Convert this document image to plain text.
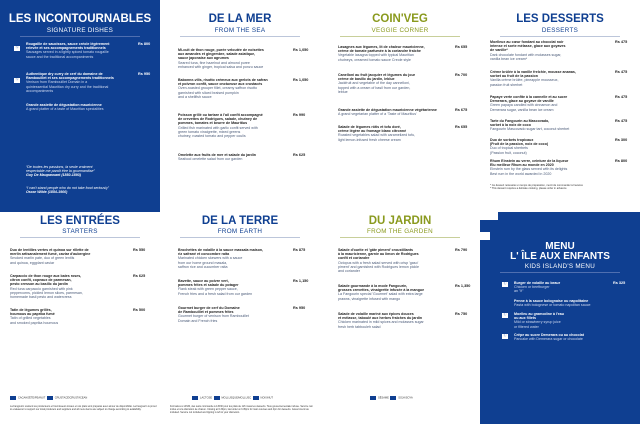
LES INCONTOURNABLES
SIGNATURE DISHES
Rougaille de saucisses, sauce créole légèrement
relevée et ses accompagnements traditionnels
Sausages served in a lightly spiced tomato rougaille
sauce and the traditional accompaniments
Rs 800
Ⓢ
Authentique dry curry de cerf du domaine de
Rambouillet et ses accompagnements traditionnels
Venison from Rambouillet Domain in a
quintessential Mauritian dry curry and the traditional
accompaniments
Rs 950
Ⓢ
Grande assiette de dégustation mauricienne
A grand platter of a taste of Mauritian specialities
“De toutes les passions, la seule vraiment
respectable me paraît être la gourmandise”
Guy De Maupassant (1850-1893)
“I can't stand people who do not take food seriously”
Oscar Wilde (1854-1900)
DE LA MER
FROM THE SEA
Mi-cuit de thon rouge, purée veloutée de noisettes
aux amandes et gingembre, salade asiatique,
sauce japonaise aux agrumes
Seared tuna, fine hazelnut and almond puree
enhanced with ginger, tropical salsa and ponzu sauce
Rs 1,050
Babonne-vilis, risotto crémeux aux grelots de safran
et poivron confit, sauce onctueuse aux crustacés
Oven-roasted grouper fillet, creamy saffron risotto
garnished with sliced braised pumpkin
and a shellfish sauce
Rs 1,050
Poisson grillé ou tartare à l'ail confit accompagné
de crevettes de Rodrigues, salade, chutney de
pommes, tomates et beurre de Mauritius
Grilled fish marinated with garlic confit served with
green tomato vinaigrette, mixed greens
chutney, roasted tomato and pepper coulis
Rs 990
Omelette aux fruits de mer et salade du jardin
Seafood omelette salad from our garden
Rs 625
COIN'VEG
VEGGIE CORNER
Lasagnes aux légumes, lit de chaleur mauricienne,
crème de tomate parfumée à la coriandre fraîche
Vegetable lasagna topped with typical Mauritian
chutneys, creamed tomato sauce Creole style
Rs 655
Canelloni au fruit jacquier et légumes du jour
crème de basilic du jardin, leblue
Jackfruit and vegetable of the day cannelloni,
topped with a cream of basil from our garden,
leblue
Rs 700
Grande assiette de dégustation mauricienne végétarienne
A grand vegetarian platter of a 'Taste of Mauritius'
Rs 675
Salade de légumes rôtis et tofu doré,
crème légère au fromage blanc citronné
Roasted vegetables salad with caramelized tofu,
light lemon-infused fresh cheese cream
Rs 655
LES DESSERTS
DESSERTS
Moelleux au cœur fondant au chocolat noir
intense et sorte mélasse, glace aux goyaves
de vanille*
Dark chocolate fondant with molasses sugar,
vanilla bean ice cream*
Rs 475
Crème brûlée à la vanille frelchie, mousse ananas,
sorbet au fruit de la passion
Vanilla crème brûlée, pineapple mousseux,
passion fruit sherbet
Rs 475
Papaye verte confite à la cannelle et au sucre
Demerara, glace au goyave de vanille
Green papaya candied with cinnamon and
Demerara sugar, vanilla bean ice cream
Rs 475
Tarte du Fangourin au Mascovado,
sorbet à la noix de coco
Fangourin Mascovado sugar tart, coconut sherbet
Rs 475
Duo de sorbets tropicaux
(Fruit de la passion, noix de coco)
Duo of tropical sherbets
(Passion fruit, coconut)
Rs 300
Rhum Einstein au verre, ceinture de la liqueur
Elu meilleur Rhum au monde en 2020
Einstein rum by the glass served with its delights
Best rum in the world awarded in 2020
Rs 800
* Ce dessert nécessite un temps de préparation, merci de commander à l'avance
* This dessert requires a delicate cooking, please order in advance
LES ENTRÉES
STARTERS
Duo de lentilles vertes et quinoa sur rillette de
merlin artisanalement fumé, caviar d'aubergine
Smoked marlin pate, duo of green lentils
and quinoa, eggplant caviar
Rs 550
Carpaccio de thon rouge aux baies roses,
citron confit, copeaux de parmesan,
pesto cresson au basilic du jardin
Red tuna carpaccio garnished with pink
peppercorns, pickled lemon slices, parmesan,
homemade basil pesto and watercress
Rs 625
Tatin de légumes grillés,
houmous au paprika fumé
Tatin of grilled vegetables
and smoked paprika houmous
Rs 500
CACAHOÈTE/PEANUT	CRUSTACÉ/CRUSTACEAN
La Fangourin soutient les producteurs et fournisseurs locaux et nos plats sont préparés avec amour de disponibilité. La Fangourin is proud to endeavour to support our local producers and suppliers and all menu items are subject to change according to availability.
DE LA TERRE
FROM EARTH
Brochettes de volaille à la sauce massala maison,
riz safrané et concombre raita
Marinated chicken skewers with a sauce
from our home ground masala,
saffron rice and cucumber raita
Rs 875
Bavette, sauce au poivre vert,
pommes frites et salade du potager
Flank steak with green pepper sauce,
French fries and a fresh salad from our garden
Rs 1,150
Gourmet burger de cerf du Domaine
de Rambouillet et pommes frites
Gourmet burger of venison from Rambouillet
Domain and French fries
Rs 950
LACTOSE	MOLLUSQUE/MOLLUSC	NOIX/NUT
Formaires à 14h30, des tests commande à 13h30 pour les plats de 12h mass les desserts. Tous gouvernementale incluse. Service non inclus et à la discrétion de chacun. Closing at 6.30pm, last order at 3.45pm for main courses and 4pm for desserts. Government tax included. Service not included and tipping is left to your discretion.
DU JARDIN
FROM THE GARDEN
Salade d'ourite et 'gâte piment' croustillants
à la mauricienne, garnie au limon de Rodrigues
confit et coriandre
Octopus with a fresh salad served with crisp 'gaso'
piment' and garnished with Rodrigues lemon pickle
and coriander
Rs 790
Salade gourmande à la mode Fangourin,
grosses crevettes, vinaigrette infusée à la mangue
La Fangourin special 'Gourmet' salad with extra large
prawns, vinaigrette infused with mango
Rs 1,350
Salade de volaille mariné aux épices douces
et mélasse, taboulé aux herbes fraîches du jardin
Chicken marinated in mild spices and molasses sugar
fresh herb tabbouleh salad
Rs 750
SÉSAME	SOJA/SOYA
MENU
L' ÎLE AUX ENFANTS
KIDS ISLAND'S MENU
Burger de volaille au beaur
Chicken or beefburger
an "if"
Rs 325
Penne à la sauce bolognaise ou napolitaine
Pasta with bolognese or tomato napolitan sauce
Moelleu au gramodine à l'eau
ou aux fillets
Mild or strawberry syrup juice
or filtered water
Crêpe au sucre Demerara ou au chocolat
Pancake with Demerara sugar or chocolate
Ⓛ
Ⓛ
Ⓛ
